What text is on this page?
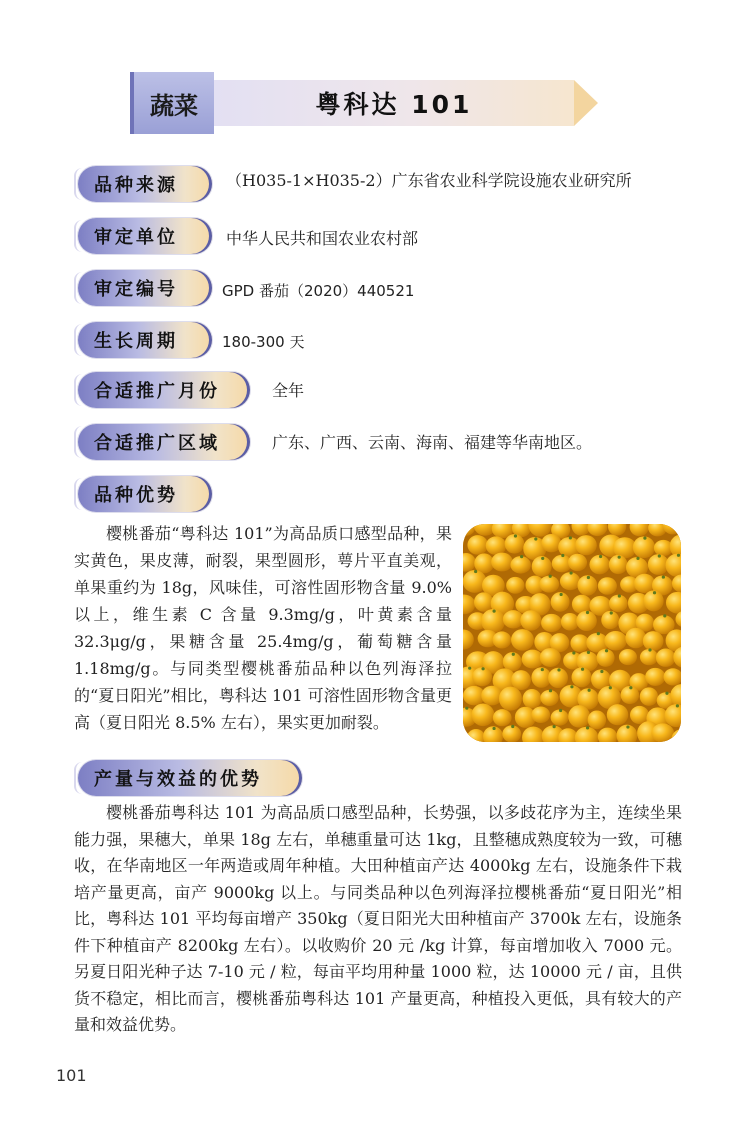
蔬菜	粤科达 101
品种来源	（H035-1×H035-2）广东省农业科学院设施农业研究所
审定单位	中华人民共和国农业农村部
审定编号	GPD 番茄（2020）440521
生长周期	180-300 天
合适推广月份	全年
合适推广区域	广东、广西、云南、海南、福建等华南地区。
品种优势

樱桃番茄“粤科达 101”为高品质口感型品种，果实黄色，果皮薄，耐裂，果型圆形，萼片平直美观，单果重约为 18g，风味佳，可溶性固形物含量 9.0% 以上，维生素 C 含量 9.3mg/g，叶黄素含量 32.3μg/g，果糖含量 25.4mg/g，葡萄糖含量 1.18mg/g。与同类型樱桃番茄品种以色列海泽拉的“夏日阳光”相比，粤科达 101 可溶性固形物含量更高（夏日阳光 8.5% 左右），果实更加耐裂。

产量与效益的优势

樱桃番茄粤科达 101 为高品质口感型品种，长势强，以多歧花序为主，连续坐果能力强，果穗大，单果 18g 左右，单穗重量可达 1kg，且整穗成熟度较为一致，可穗收，在华南地区一年两造或周年种植。大田种植亩产达 4000kg 左右，设施条件下栽培产量更高，亩产 9000kg 以上。与同类品种以色列海泽拉樱桃番茄“夏日阳光”相比，粤科达 101 平均每亩增产 350kg（夏日阳光大田种植亩产 3700k 左右，设施条件下种植亩产 8200kg 左右）。以收购价 20 元 /kg 计算，每亩增加收入 7000 元。另夏日阳光种子达 7-10 元 / 粒，每亩平均用种量 1000 粒，达 10000 元 / 亩，且供货不稳定，相比而言，樱桃番茄粤科达 101 产量更高，种植投入更低，具有较大的产量和效益优势。

101
